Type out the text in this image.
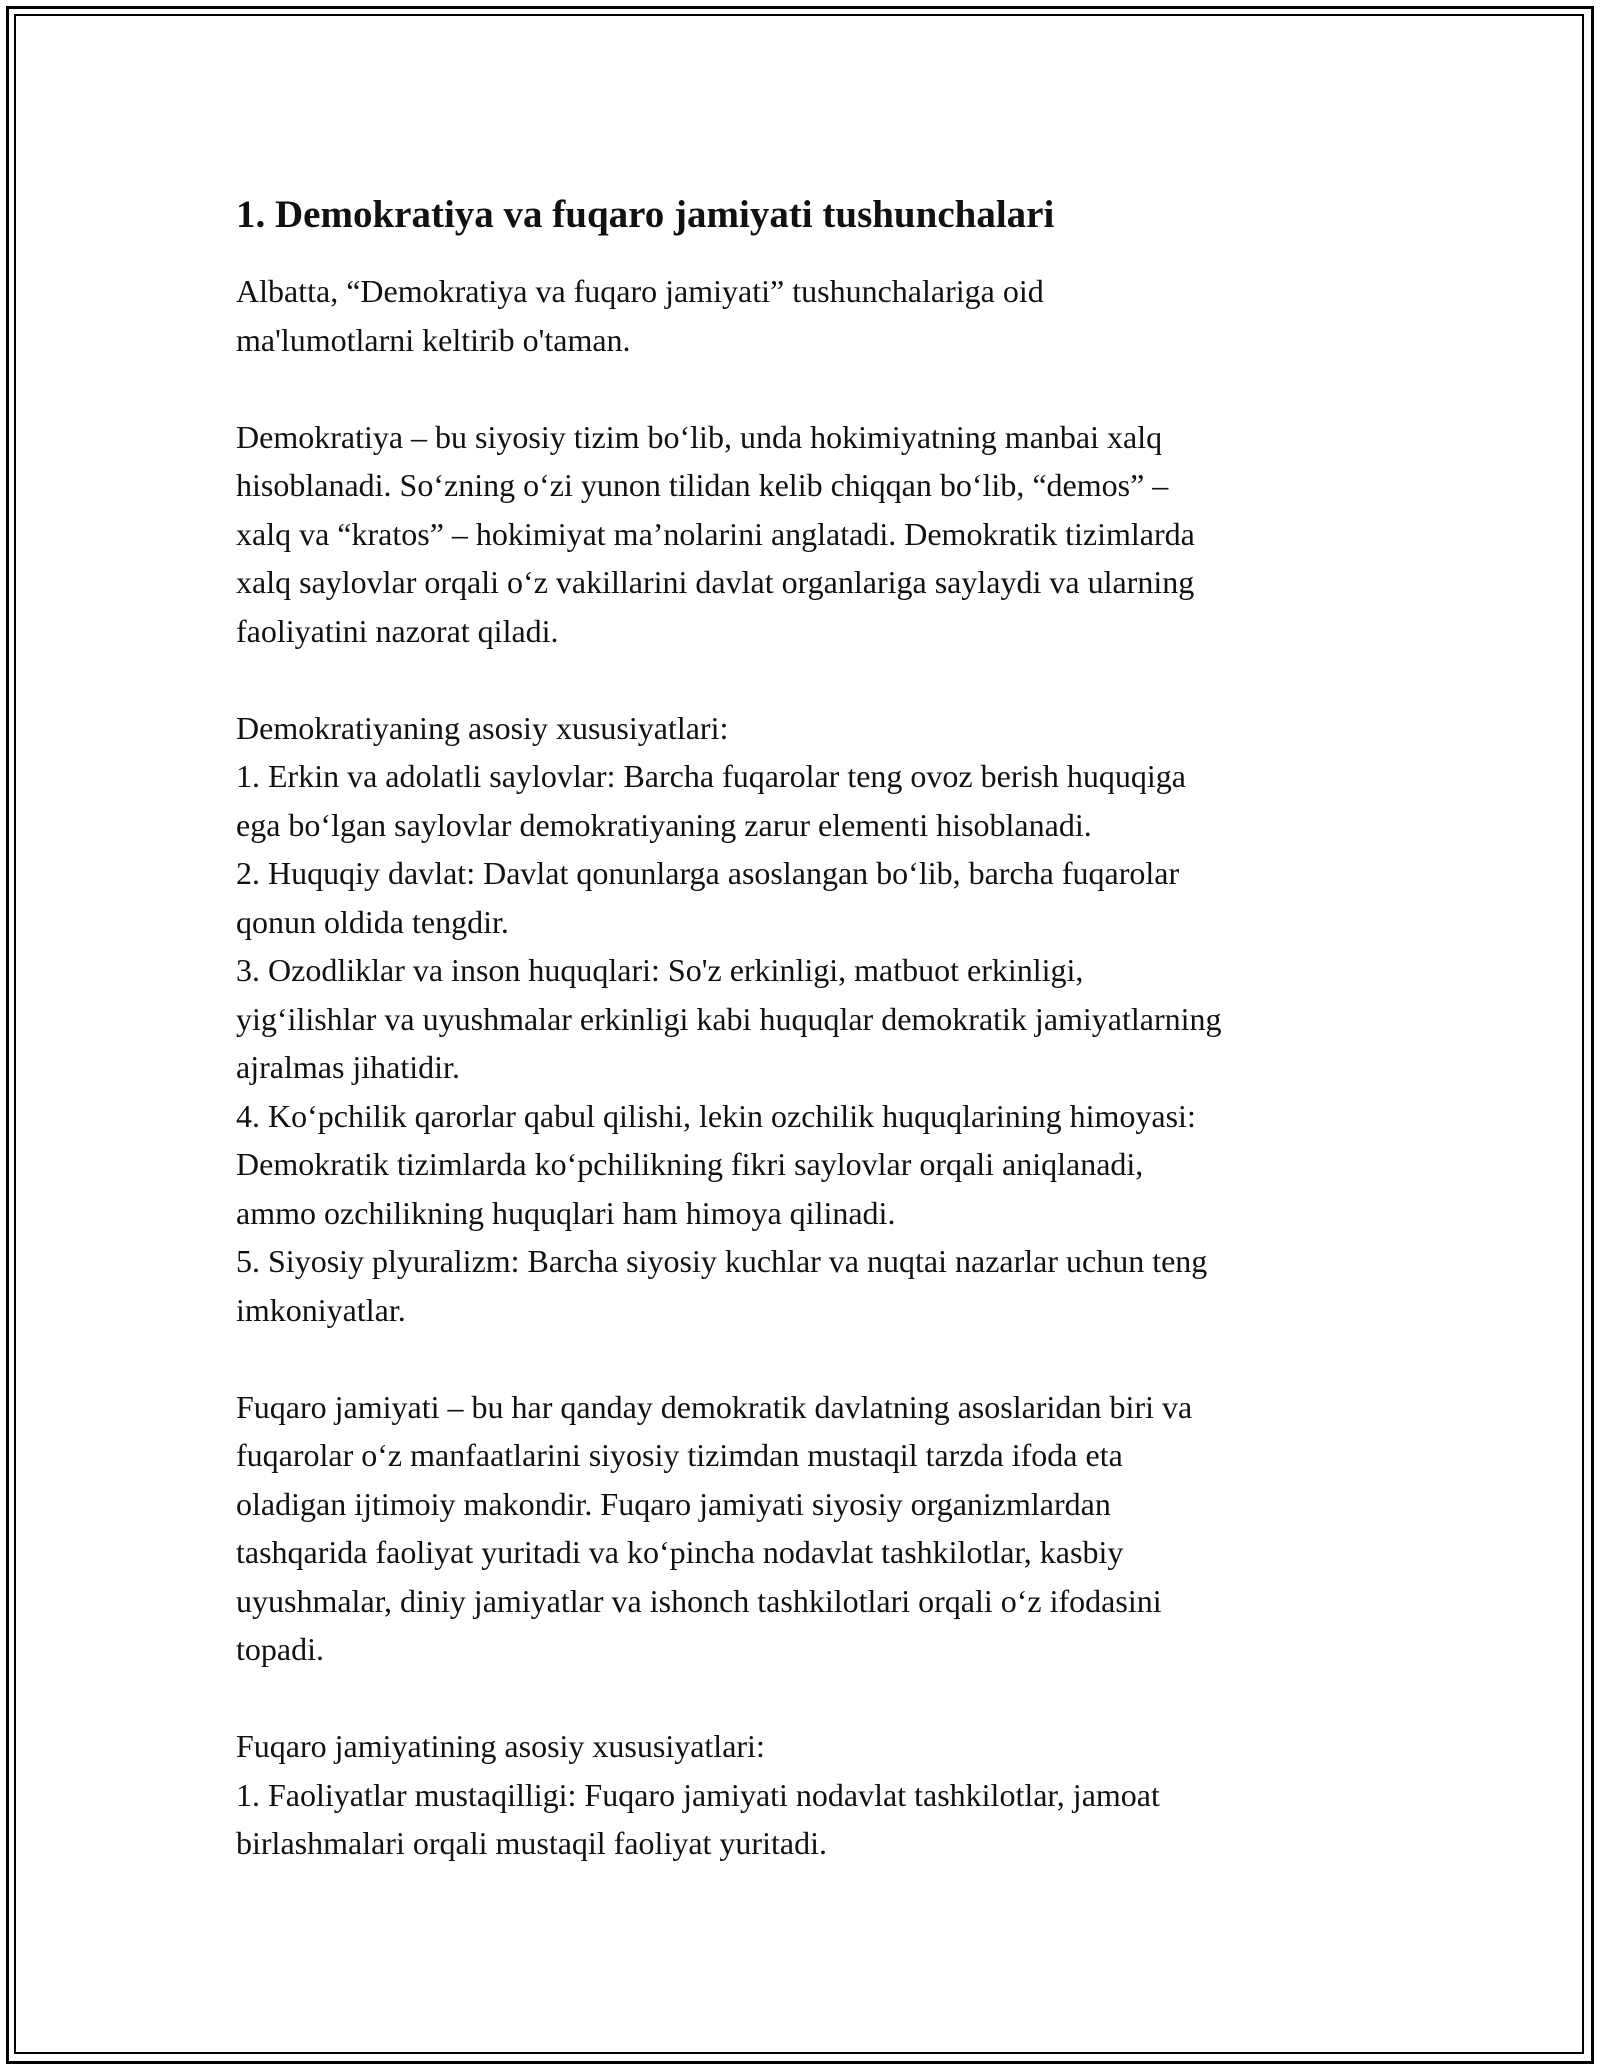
1. Demokratiya va fuqaro jamiyati tushunchalari
Albatta, “Demokratiya va fuqaro jamiyati” tushunchalariga oid
ma'lumotlarni keltirib o'taman.
Demokratiya – bu siyosiy tizim bo‘lib, unda hokimiyatning manbai xalq
hisoblanadi. So‘zning o‘zi yunon tilidan kelib chiqqan bo‘lib, “demos” –
xalq va “kratos” – hokimiyat ma’nolarini anglatadi. Demokratik tizimlarda
xalq saylovlar orqali o‘z vakillarini davlat organlariga saylaydi va ularning
faoliyatini nazorat qiladi.
Demokratiyaning asosiy xususiyatlari:
1. Erkin va adolatli saylovlar: Barcha fuqarolar teng ovoz berish huquqiga
ega bo‘lgan saylovlar demokratiyaning zarur elementi hisoblanadi.
2. Huquqiy davlat: Davlat qonunlarga asoslangan bo‘lib, barcha fuqarolar
qonun oldida tengdir.
3. Ozodliklar va inson huquqlari: So'z erkinligi, matbuot erkinligi,
yig‘ilishlar va uyushmalar erkinligi kabi huquqlar demokratik jamiyatlarning
ajralmas jihatidir.
4. Ko‘pchilik qarorlar qabul qilishi, lekin ozchilik huquqlarining himoyasi:
Demokratik tizimlarda ko‘pchilikning fikri saylovlar orqali aniqlanadi,
ammo ozchilikning huquqlari ham himoya qilinadi.
5. Siyosiy plyuralizm: Barcha siyosiy kuchlar va nuqtai nazarlar uchun teng
imkoniyatlar.
Fuqaro jamiyati – bu har qanday demokratik davlatning asoslaridan biri va
fuqarolar o‘z manfaatlarini siyosiy tizimdan mustaqil tarzda ifoda eta
oladigan ijtimoiy makondir. Fuqaro jamiyati siyosiy organizmlardan
tashqarida faoliyat yuritadi va ko‘pincha nodavlat tashkilotlar, kasbiy
uyushmalar, diniy jamiyatlar va ishonch tashkilotlari orqali o‘z ifodasini
topadi.
Fuqaro jamiyatining asosiy xususiyatlari:
1. Faoliyatlar mustaqilligi: Fuqaro jamiyati nodavlat tashkilotlar, jamoat
birlashmalari orqali mustaqil faoliyat yuritadi.
